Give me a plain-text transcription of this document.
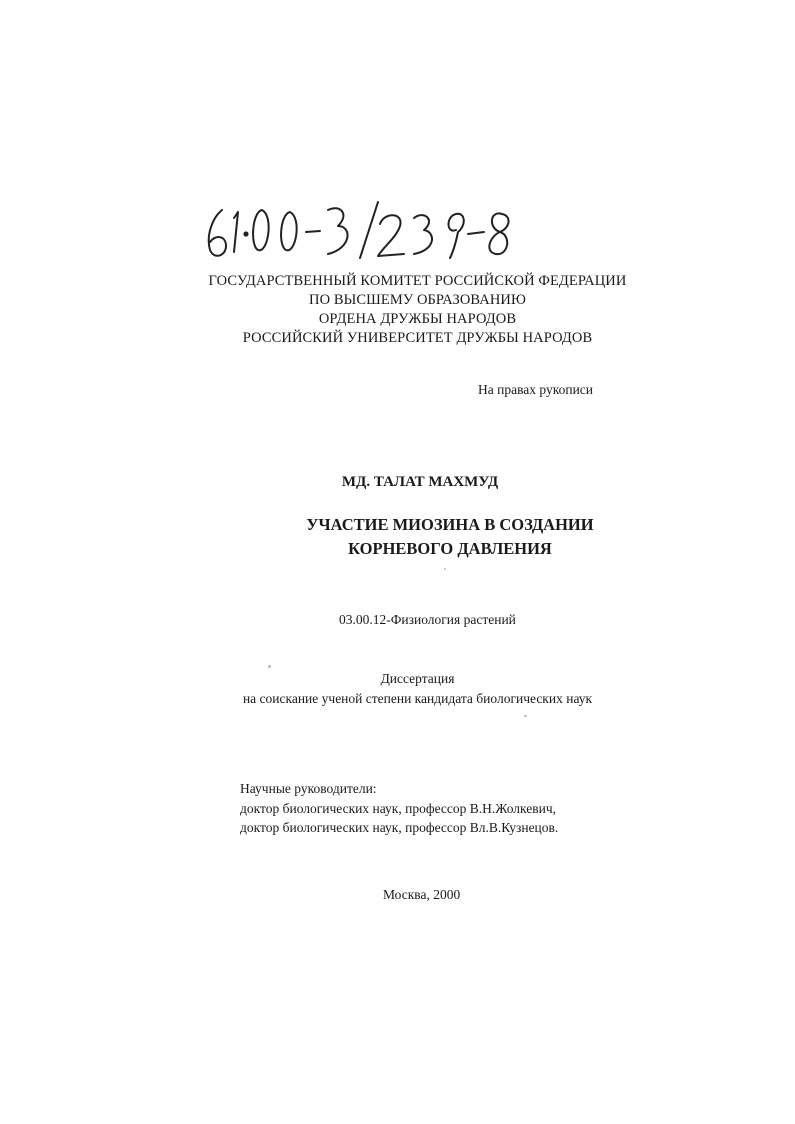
ГОСУДАРСТВЕННЫЙ КОМИТЕТ РОССИЙСКОЙ ФЕДЕРАЦИИ
ПО ВЫСШЕМУ ОБРАЗОВАНИЮ
ОРДЕНА ДРУЖБЫ НАРОДОВ
РОССИЙСКИЙ УНИВЕРСИТЕТ ДРУЖБЫ НАРОДОВ
На правах рукописи
МД. ТАЛАТ МАХМУД
УЧАСТИЕ МИОЗИНА В СОЗДАНИИ
КОРНЕВОГО ДАВЛЕНИЯ
03.00.12-Физиология растений
Диссертация
на соискание ученой степени кандидата биологических наук
Научные руководители:
доктор биологических наук, профессор В.Н.Жолкевич,
доктор биологических наук, профессор Вл.В.Кузнецов.
Москва, 2000
